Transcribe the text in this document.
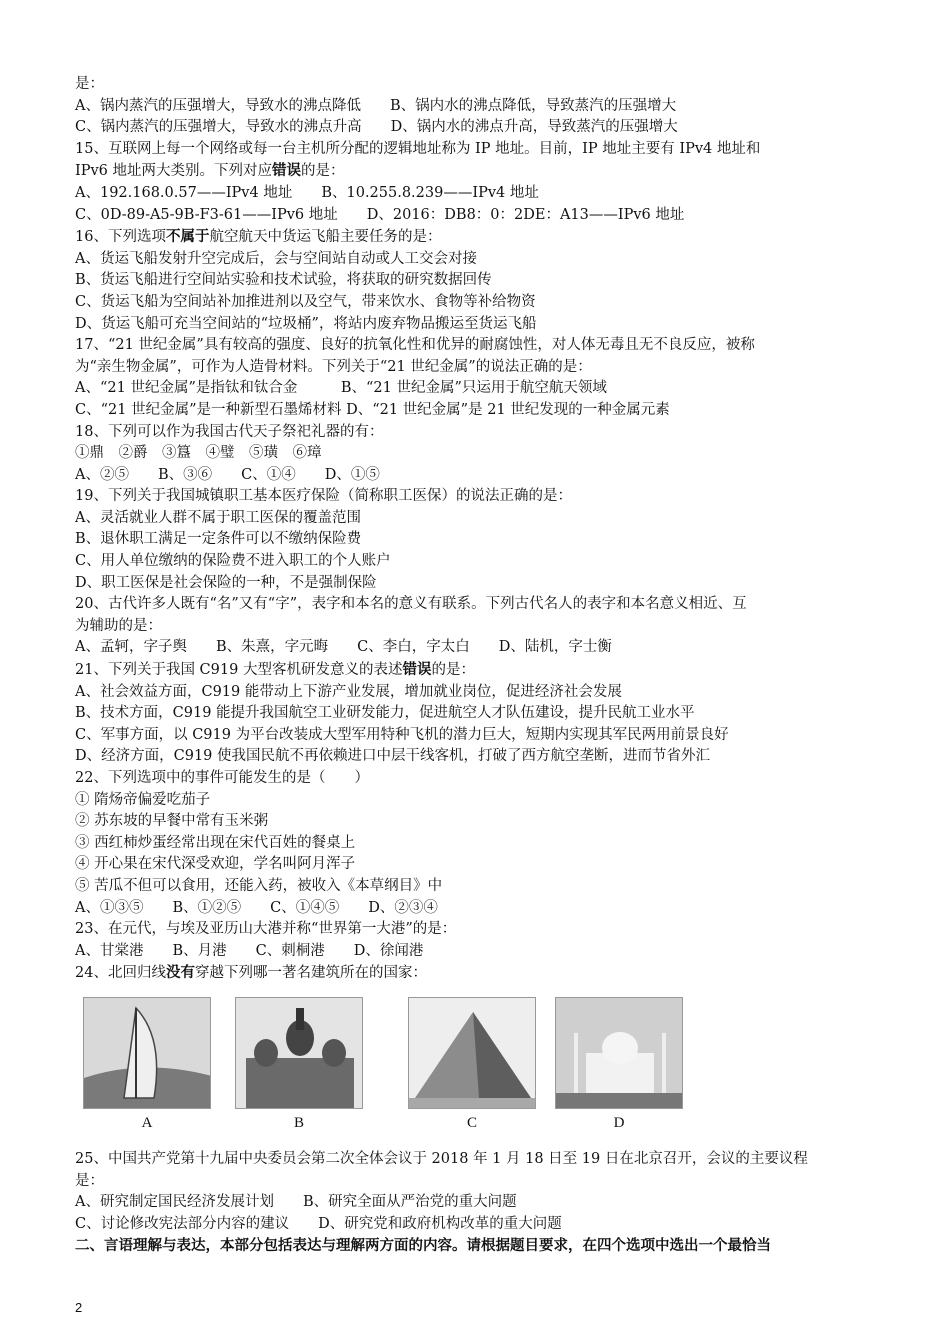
是：
A、锅内蒸汽的压强增大，导致水的沸点降低　　B、锅内水的沸点降低，导致蒸汽的压强增大
C、锅内蒸汽的压强增大，导致水的沸点升高　　D、锅内水的沸点升高，导致蒸汽的压强增大
15、互联网上每一个网络或每一台主机所分配的逻辑地址称为 IP 地址。目前，IP 地址主要有 IPv4 地址和
IPv6 地址两大类别。下列对应错误的是：
A、192.168.0.57——IPv4 地址　　B、10.255.8.239——IPv4 地址
C、0D-89-A5-9B-F3-61——IPv6 地址　　D、2016：DB8：0：2DE：A13——IPv6 地址
16、下列选项不属于航空航天中货运飞船主要任务的是：
A、货运飞船发射升空完成后，会与空间站自动或人工交会对接
B、货运飞船进行空间站实验和技术试验，将获取的研究数据回传
C、货运飞船为空间站补加推进剂以及空气，带来饮水、食物等补给物资
D、货运飞船可充当空间站的“垃圾桶”，将站内废弃物品搬运至货运飞船
17、“21 世纪金属”具有较高的强度、良好的抗氧化性和优异的耐腐蚀性，对人体无毒且无不良反应，被称
为“亲生物金属”，可作为人造骨材料。下列关于“21 世纪金属”的说法正确的是：
A、“21 世纪金属”是指钛和钛合金　　　B、“21 世纪金属”只运用于航空航天领域
C、“21 世纪金属”是一种新型石墨烯材料 D、“21 世纪金属”是 21 世纪发现的一种金属元素
18、下列可以作为我国古代天子祭祀礼器的有：
①鼎　②爵　③簋　④璧　⑤璜　⑥璋
A、②⑤　　B、③⑥　　C、①④　　D、①⑤
19、下列关于我国城镇职工基本医疗保险（简称职工医保）的说法正确的是：
A、灵活就业人群不属于职工医保的覆盖范围
B、退休职工满足一定条件可以不缴纳保险费
C、用人单位缴纳的保险费不进入职工的个人账户
D、职工医保是社会保险的一种，不是强制保险
20、古代许多人既有“名”又有“字”，表字和本名的意义有联系。下列古代名人的表字和本名意义相近、互
为辅助的是：
A、孟轲，字子舆　　B、朱熹，字元晦　　C、李白，字太白　　D、陆机，字士衡
21、下列关于我国 C919 大型客机研发意义的表述错误的是：
A、社会效益方面，C919 能带动上下游产业发展，增加就业岗位，促进经济社会发展
B、技术方面，C919 能提升我国航空工业研发能力，促进航空人才队伍建设，提升民航工业水平
C、军事方面，以 C919 为平台改装成大型军用特种飞机的潜力巨大，短期内实现其军民两用前景良好
D、经济方面，C919 使我国民航不再依赖进口中层干线客机，打破了西方航空垄断，进而节省外汇
22、下列选项中的事件可能发生的是（　　）
① 隋炀帝偏爱吃茄子
② 苏东坡的早餐中常有玉米粥
③ 西红柿炒蛋经常出现在宋代百姓的餐桌上
④ 开心果在宋代深受欢迎，学名叫阿月浑子
⑤ 苦瓜不但可以食用，还能入药，被收入《本草纲目》中
A、①③⑤　　B、①②⑤　　C、①④⑤　　D、②③④
23、在元代，与埃及亚历山大港并称“世界第一大港”的是：
A、甘棠港　　B、月港　　C、刺桐港　　D、徐闻港
24、北回归线没有穿越下列哪一著名建筑所在的国家：
A	B	C	D
25、中国共产党第十九届中央委员会第二次全体会议于 2018 年 1 月 18 日至 19 日在北京召开，会议的主要议程
是：
A、研究制定国民经济发展计划　　B、研究全面从严治党的重大问题
C、讨论修改宪法部分内容的建议　　D、研究党和政府机构改革的重大问题
二、言语理解与表达，本部分包括表达与理解两方面的内容。请根据题目要求，在四个选项中选出一个最恰当
2
